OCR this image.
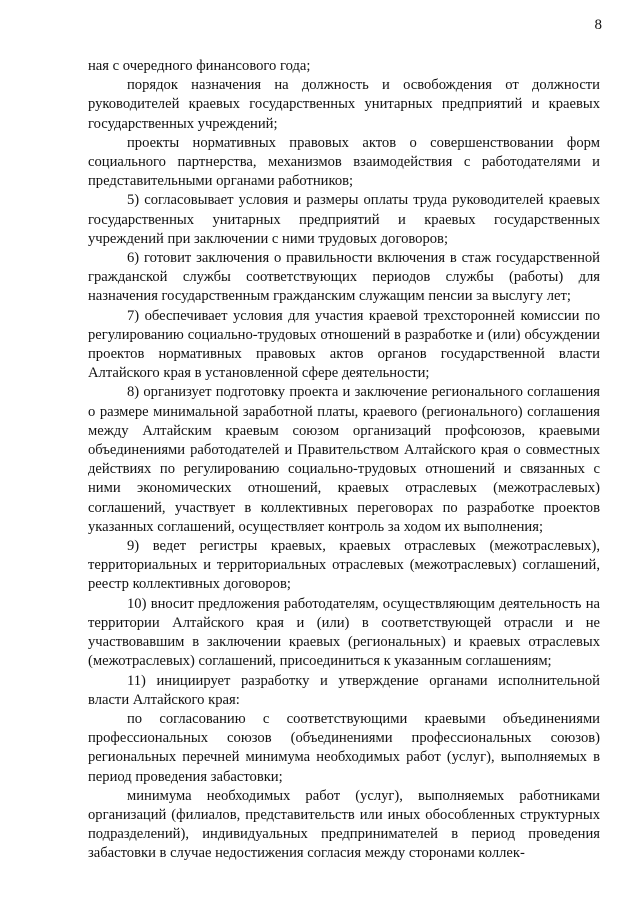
8

ная с очередного финансового года;

порядок назначения на должность и освобождения от должности руководителей краевых государственных унитарных предприятий и краевых государственных учреждений;

проекты нормативных правовых актов о совершенствовании форм социального партнерства, механизмов взаимодействия с работодателями и представительными органами работников;

5) согласовывает условия и размеры оплаты труда руководителей краевых государственных унитарных предприятий и краевых государственных учреждений при заключении с ними трудовых договоров;

6) готовит заключения о правильности включения в стаж государственной гражданской службы соответствующих периодов службы (работы) для назначения государственным гражданским служащим пенсии за выслугу лет;

7) обеспечивает условия для участия краевой трехсторонней комиссии по регулированию социально-трудовых отношений в разработке и (или) обсуждении проектов нормативных правовых актов органов государственной власти Алтайского края в установленной сфере деятельности;

8) организует подготовку проекта и заключение регионального соглашения о размере минимальной заработной платы, краевого (регионального) соглашения между Алтайским краевым союзом организаций профсоюзов, краевыми объединениями работодателей и Правительством Алтайского края о совместных действиях по регулированию социально-трудовых отношений и связанных с ними экономических отношений, краевых отраслевых (межотраслевых) соглашений, участвует в коллективных переговорах по разработке проектов указанных соглашений, осуществляет контроль за ходом их выполнения;

9) ведет регистры краевых, краевых отраслевых (межотраслевых), территориальных и территориальных отраслевых (межотраслевых) соглашений, реестр коллективных договоров;

10) вносит предложения работодателям, осуществляющим деятельность на территории Алтайского края и (или) в соответствующей отрасли и не участвовавшим в заключении краевых (региональных) и краевых отраслевых (межотраслевых) соглашений, присоединиться к указанным соглашениям;

11) инициирует разработку и утверждение органами исполнительной власти Алтайского края:

по согласованию с соответствующими краевыми объединениями профессиональных союзов (объединениями профессиональных союзов) региональных перечней минимума необходимых работ (услуг), выполняемых в период проведения забастовки;

минимума необходимых работ (услуг), выполняемых работниками организаций (филиалов, представительств или иных обособленных структурных подразделений), индивидуальных предпринимателей в период проведения забастовки в случае недостижения согласия между сторонами коллек-
